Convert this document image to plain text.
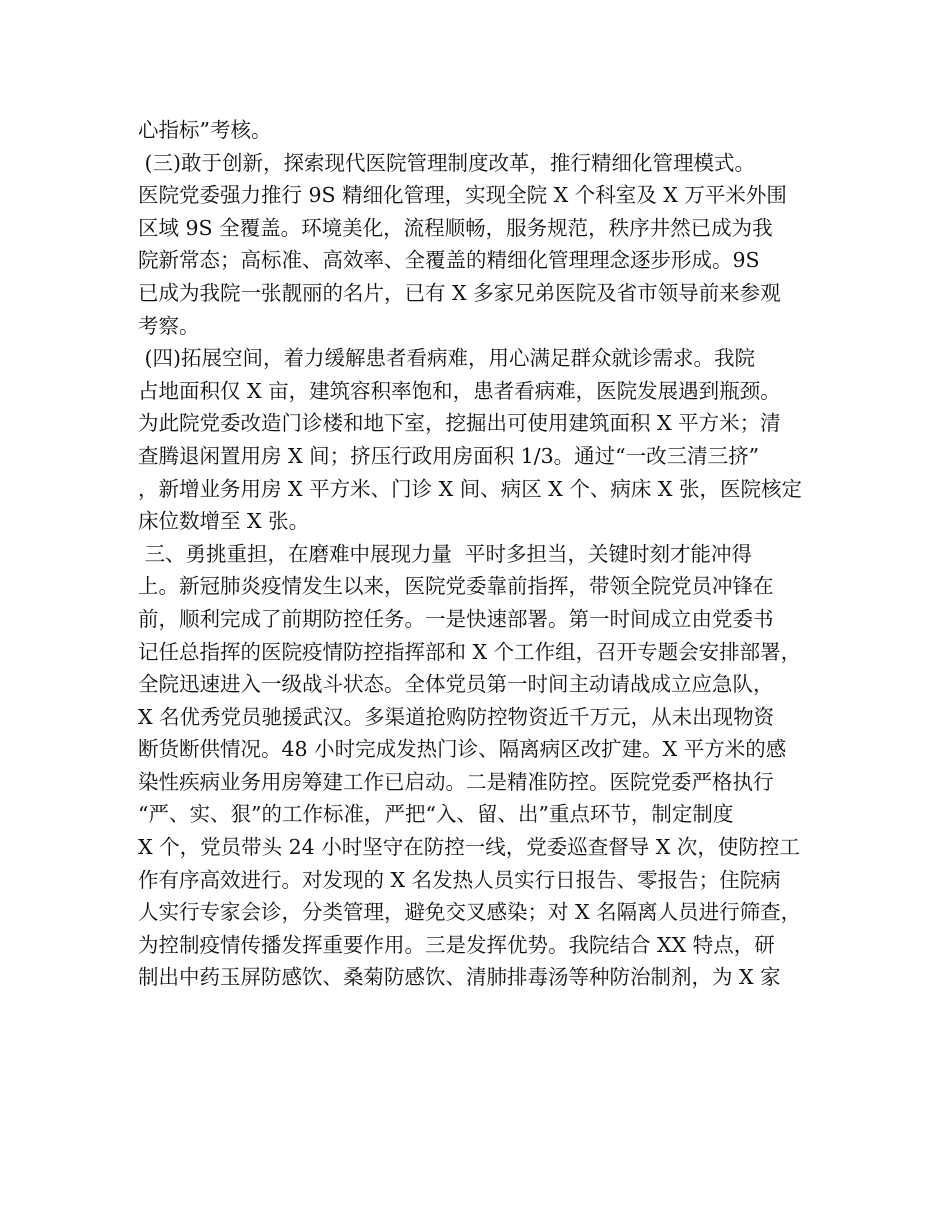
心指标”考核。
(三)敢于创新，探索现代医院管理制度改革，推行精细化管理模式。
医院党委强力推行 9S 精细化管理，实现全院 X 个科室及 X 万平米外围
区域 9S 全覆盖。环境美化，流程顺畅，服务规范，秩序井然已成为我
院新常态；高标准、高效率、全覆盖的精细化管理理念逐步形成。9S
已成为我院一张靓丽的名片，已有 X 多家兄弟医院及省市领导前来参观
考察。
(四)拓展空间，着力缓解患者看病难，用心满足群众就诊需求。我院
占地面积仅 X 亩，建筑容积率饱和，患者看病难，医院发展遇到瓶颈。
为此院党委改造门诊楼和地下室，挖掘出可使用建筑面积 X 平方米；清
查腾退闲置用房 X 间；挤压行政用房面积 1/3。通过“一改三清三挤”
，新增业务用房 X 平方米、门诊 X 间、病区 X 个、病床 X 张，医院核定
床位数增至 X 张。
三、勇挑重担，在磨难中展现力量  平时多担当，关键时刻才能冲得
上。新冠肺炎疫情发生以来，医院党委靠前指挥，带领全院党员冲锋在
前，顺利完成了前期防控任务。一是快速部署。第一时间成立由党委书
记任总指挥的医院疫情防控指挥部和 X 个工作组，召开专题会安排部署，
全院迅速进入一级战斗状态。全体党员第一时间主动请战成立应急队，
X 名优秀党员驰援武汉。多渠道抢购防控物资近千万元，从未出现物资
断货断供情况。48 小时完成发热门诊、隔离病区改扩建。X 平方米的感
染性疾病业务用房筹建工作已启动。二是精准防控。医院党委严格执行
“严、实、狠”的工作标准，严把“入、留、出”重点环节，制定制度
X 个，党员带头 24 小时坚守在防控一线，党委巡查督导 X 次，使防控工
作有序高效进行。对发现的 X 名发热人员实行日报告、零报告；住院病
人实行专家会诊，分类管理，避免交叉感染；对 X 名隔离人员进行筛查，
为控制疫情传播发挥重要作用。三是发挥优势。我院结合 XX 特点，研
制出中药玉屏防感饮、桑菊防感饮、清肺排毒汤等种防治制剂，为 X 家
